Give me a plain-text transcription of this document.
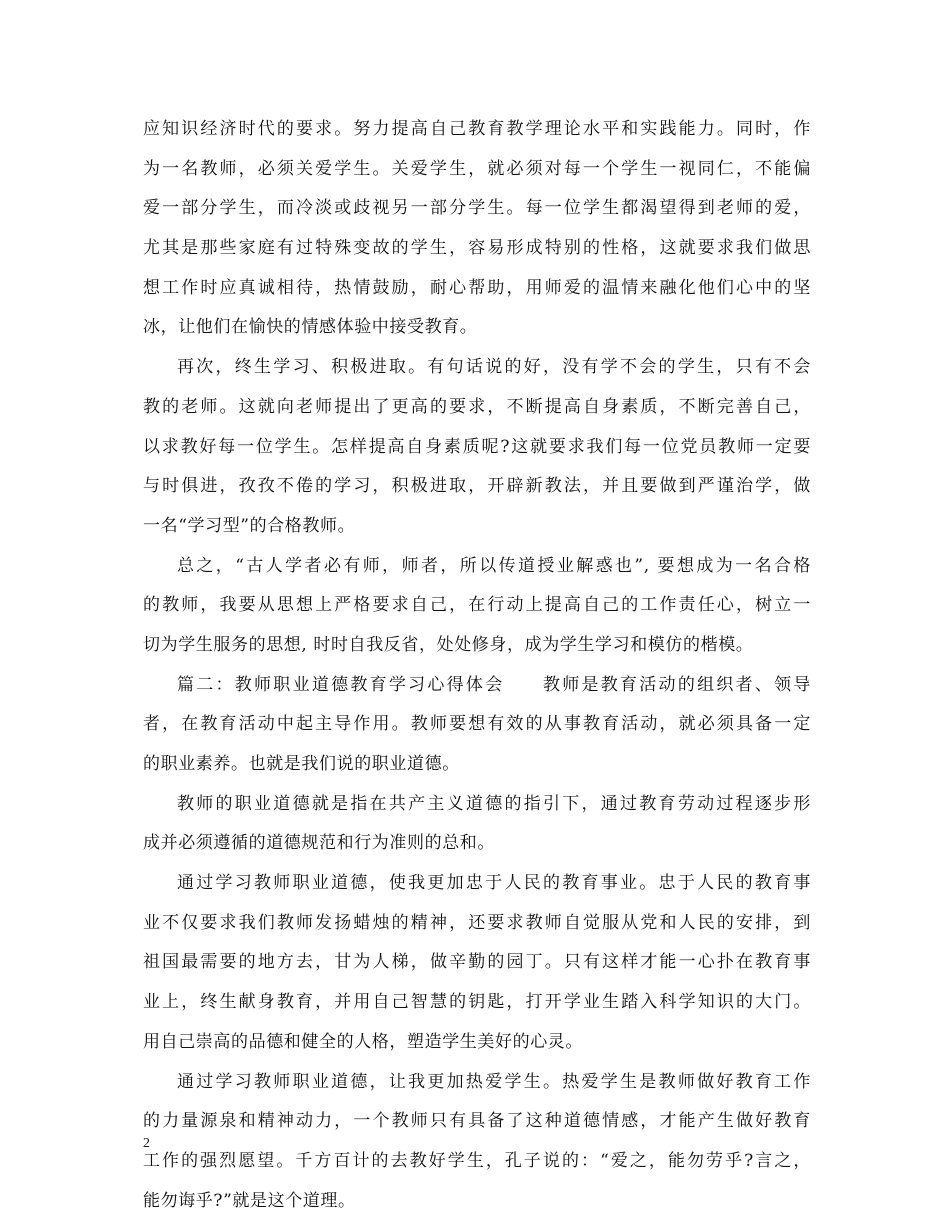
应知识经济时代的要求。努力提高自己教育教学理论水平和实践能力。同时，作
为一名教师，必须关爱学生。关爱学生，就必须对每一个学生一视同仁，不能偏
爱一部分学生，而冷淡或歧视另一部分学生。每一位学生都渴望得到老师的爱，
尤其是那些家庭有过特殊变故的学生，容易形成特别的性格，这就要求我们做思
想工作时应真诚相待，热情鼓励，耐心帮助，用师爱的温情来融化他们心中的坚
冰，让他们在愉快的情感体验中接受教育。
再次，终生学习、积极进取。有句话说的好，没有学不会的学生，只有不会
教的老师。这就向老师提出了更高的要求，不断提高自身素质，不断完善自己，
以求教好每一位学生。怎样提高自身素质呢?这就要求我们每一位党员教师一定要
与时俱进，孜孜不倦的学习，积极进取，开辟新教法，并且要做到严谨治学，做
一名“学习型”的合格教师。
总之，“古人学者必有师，师者，所以传道授业解惑也”, 要想成为一名合格
的教师，我要从思想上严格要求自己，在行动上提高自己的工作责任心，树立一
切为学生服务的思想, 时时自我反省，处处修身，成为学生学习和模仿的楷模。
篇二：教师职业道德教育学习心得体会　　教师是教育活动的组织者、领导
者，在教育活动中起主导作用。教师要想有效的从事教育活动，就必须具备一定
的职业素养。也就是我们说的职业道德。
教师的职业道德就是指在共产主义道德的指引下，通过教育劳动过程逐步形
成并必须遵循的道德规范和行为准则的总和。
通过学习教师职业道德，使我更加忠于人民的教育事业。忠于人民的教育事
业不仅要求我们教师发扬蜡烛的精神，还要求教师自觉服从党和人民的安排，到
祖国最需要的地方去，甘为人梯，做辛勤的园丁。只有这样才能一心扑在教育事
业上，终生献身教育，并用自己智慧的钥匙，打开学业生踏入科学知识的大门。
用自己崇高的品德和健全的人格，塑造学生美好的心灵。
通过学习教师职业道德，让我更加热爱学生。热爱学生是教师做好教育工作
的力量源泉和精神动力，一个教师只有具备了这种道德情感，才能产生做好教育
工作的强烈愿望。千方百计的去教好学生，孔子说的：“爱之，能勿劳乎?言之，
能勿诲乎?”就是这个道理。
2
